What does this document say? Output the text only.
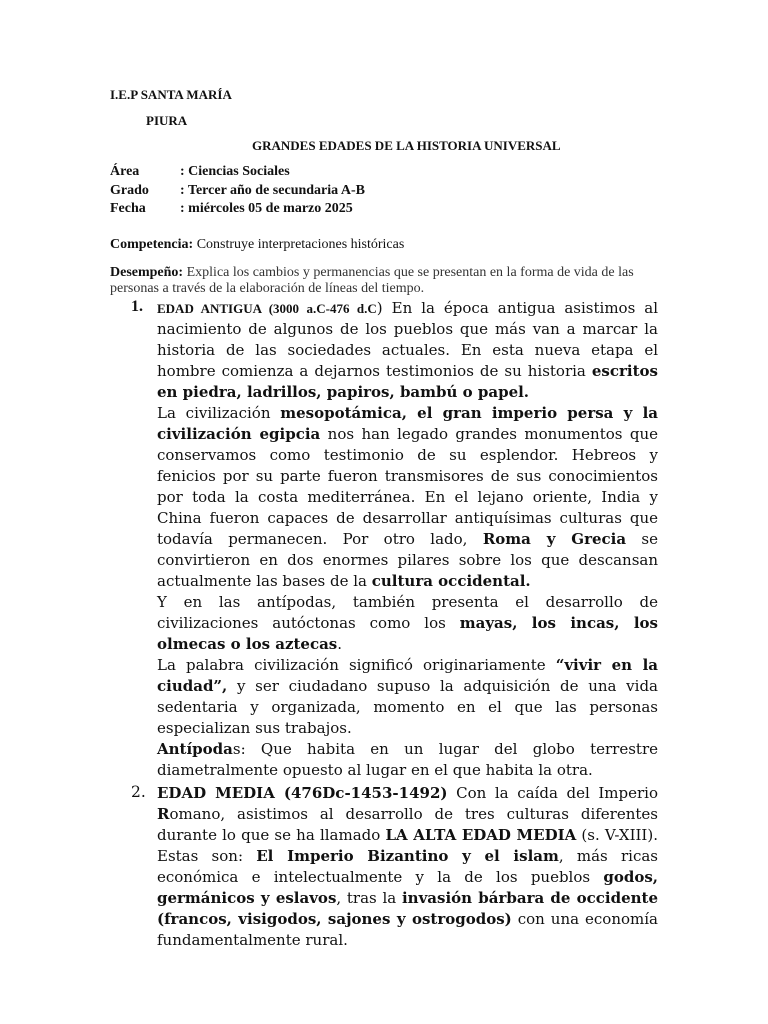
I.E.P SANTA MARÍA
PIURA
GRANDES EDADES DE LA HISTORIA UNIVERSAL
Área	: Ciencias Sociales
Grado : Tercer año de secundaria A-B
Fecha : miércoles 05 de marzo 2025
Competencia: Construye interpretaciones históricas
Desempeño: Explica los cambios y permanencias que se presentan en la forma de vida de las personas a través de la elaboración de líneas del tiempo.
1. EDAD ANTIGUA (3000 a.C-476 d.C) En la época antigua asistimos al nacimiento de algunos de los pueblos que más van a marcar la historia de las sociedades actuales. En esta nueva etapa el hombre comienza a dejarnos testimonios de su historia escritos en piedra, ladrillos, papiros, bambú o papel.

La civilización mesopotámica, el gran imperio persa y la civilización egipcia nos han legado grandes monumentos que conservamos como testimonio de su esplendor. Hebreos y fenicios por su parte fueron transmisores de sus conocimientos por toda la costa mediterránea. En el lejano oriente, India y China fueron capaces de desarrollar antiquísimas culturas que todavía permanecen. Por otro lado, Roma y Grecia se convirtieron en dos enormes pilares sobre los que descansan actualmente las bases de la cultura occidental.

Y en las antípodas, también presenta el desarrollo de civilizaciones autóctonas como los mayas, los incas, los olmecas o los aztecas.

La palabra civilización significó originariamente “vivir en la ciudad”, y ser ciudadano supuso la adquisición de una vida sedentaria y organizada, momento en el que las personas especializan sus trabajos.

Antípodas: Que habita en un lugar del globo terrestre diametralmente opuesto al lugar en el que habita la otra.

2. EDAD MEDIA (476Dc-1453-1492) Con la caída del Imperio Romano, asistimos al desarrollo de tres culturas diferentes durante lo que se ha llamado LA ALTA EDAD MEDIA (s. V-XIII). Estas son: El Imperio Bizantino y el islam, más ricas económica e intelectualmente y la de los pueblos godos, germánicos y eslavos, tras la invasión bárbara de occidente (francos, visigodos, sajones y ostrogodos) con una economía fundamentalmente rural.
